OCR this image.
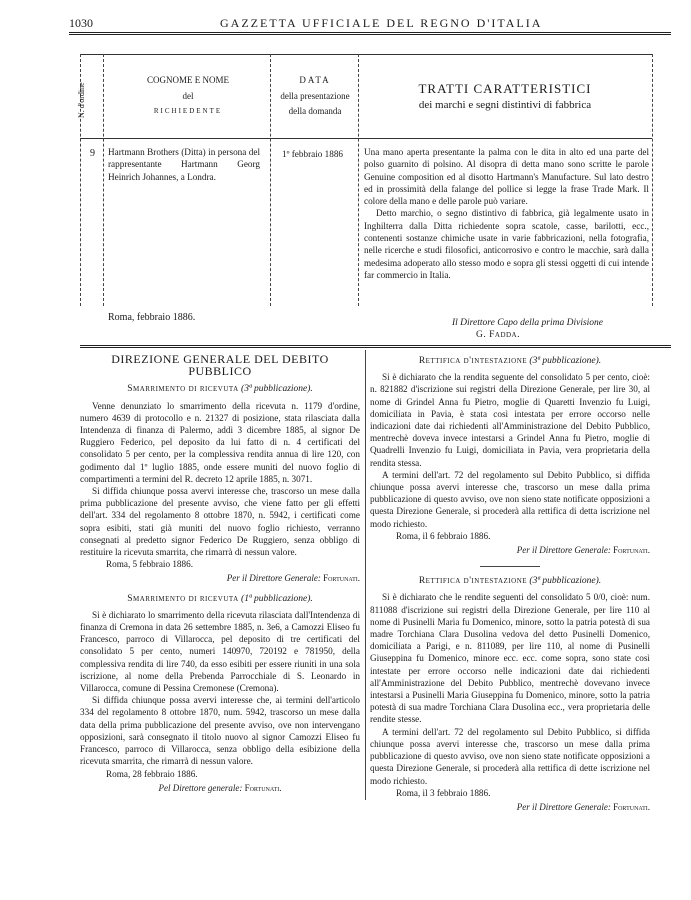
1030	GAZZETTA UFFICIALE DEL REGNO D'ITALIA
N. d'ordine
COGNOME E NOME
del
RICHIEDENTE
DATA
della presentazione
della domanda
TRATTI CARATTERISTICI
dei marchi e segni distintivi di fabbrica
9 Hartmann Brothers (Ditta) in persona del rappresentante Hartmann Georg Heinrich Johannes, a Londra.
1º febbraio 1886 Una mano aperta presentante la palma con le dita in alto ed una parte del polso guarnito di polsino. Al disopra di detta mano sono scritte le parole Genuine composition ed al disotto Hartmann's Manufacture. Sul lato destro ed in prossimità della falange del pollice si legge la frase Trade Mark. Il colore della mano e delle parole può variare.
Detto marchio, o segno distintivo di fabbrica, già legalmente usato in Inghilterra dalla Ditta richiedente sopra scatole, casse, barilotti, ecc., contenenti sostanze chimiche usate in varie fabbricazioni, nella fotografia, nelle ricerche e studi filosofici, anticorrosivo e contro le macchie, sarà dalla medesima adoperato allo stesso modo e sopra gli stessi oggetti di cui intende far commercio in Italia.
Roma, febbraio 1886.	Il Direttore Capo della prima Divisione
G. Fadda.
DIREZIONE GENERALE DEL DEBITO PUBBLICO
Smarrimento di ricevuta (3ª pubblicazione).

Venne denunziato lo smarrimento della ricevuta n. 1179 d'ordine, numero 4639 di protocollo e n. 21327 di posizione, stata rilasciata dalla Intendenza di finanza di Palermo, addì 3 dicembre 1885, al signor De Ruggiero Federico, pel deposito da lui fatto di n. 4 certificati del consolidato 5 per cento, per la complessiva rendita annua di lire 120, con godimento dal 1º luglio 1885, onde essere muniti del nuovo foglio di compartimenti a termini del R. decreto 12 aprile 1885, n. 3071.

Si diffida chiunque possa avervi interesse che, trascorso un mese dalla prima pubblicazione del presente avviso, che viene fatto per gli effetti dell'art. 334 del regolamento 8 ottobre 1870, n. 5942, i certificati come sopra esibiti, stati già muniti del nuovo foglio richiesto, verranno consegnati al predetto signor Federico De Ruggiero, senza obbligo di restituire la ricevuta smarrita, che rimarrà di nessun valore.

Roma, 5 febbraio 1886.

Per il Direttore Generale: Fortunati.
Smarrimento di ricevuta (1ª pubblicazione).

Si è dichiarato lo smarrimento della ricevuta rilasciata dall'Intendenza di finanza di Cremona in data 26 settembre 1885, n. 3e6, a Camozzi Eliseo fu Francesco, parroco di Villarocca, pel deposito di tre certificati del consolidato 5 per cento, numeri 140970, 720192 e 781950, della complessiva rendita di lire 740, da esso esibiti per essere riuniti in una sola iscrizione, al nome della Prebenda Parrocchiale di S. Leonardo in Villarocca, comune di Pessina Cremonese (Cremona).

Si diffida chiunque possa avervi interesse che, ai termini dell'articolo 334 del regolamento 8 ottobre 1870, num. 5942, trascorso un mese dalla data della prima pubblicazione del presente avviso, ove non intervengano opposizioni, sarà consegnato il titolo nuovo al signor Camozzi Eliseo fu Francesco, parroco di Villarocca, senza obbligo della esibizione della ricevuta smarrita, che rimarrà di nessun valore.

Roma, 28 febbraio 1886.

Pel Direttore generale: Fortunati.
Rettifica d'intestazione (3ª pubblicazione).

Si è dichiarato che la rendita seguente del consolidato 5 per cento, cioè: n. 821882 d'iscrizione sui registri della Direzione Generale, per lire 30, al nome di Grindel Anna fu Pietro, moglie di Quaretti Invenzio fu Luigi, domiciliata in Pavia, è stata così intestata per errore occorso nelle indicazioni date dai richiedenti all'Amministrazione del Debito Pubblico, mentrechè doveva invece intestarsi a Grindel Anna fu Pietro, moglie di Quadrelli Invenzio fu Luigi, domiciliata in Pavia, vera proprietaria della rendita stessa.

A termini dell'art. 72 del regolamento sul Debito Pubblico, si diffida chiunque possa avervi interesse che, trascorso un mese dalla prima pubblicazione di questo avviso, ove non sieno state notificate opposizioni a questa Direzione Generale, si procederà alla rettifica di detta iscrizione nel modo richiesto.

Roma, il 6 febbraio 1886.

Per il Direttore Generale: Fortunati.
Rettifica d'intestazione (3ª pubblicazione).

Si è dichiarato che le rendite seguenti del consolidato 5 0/0, cioè: num. 811088 d'iscrizione sui registri della Direzione Generale, per lire 110 al nome di Pusinelli Maria fu Domenico, minore, sotto la patria potestà di sua madre Torchiana Clara Dusolina vedova del detto Pusinelli Domenico, domiciliata a Parigi, e n. 811089, per lire 110, al nome di Pusinelli Giuseppina fu Domenico, minore ecc. ecc. come sopra, sono state così intestate per errore occorso nelle indicazioni date dai richiedenti all'Amministrazione del Debito Pubblico, mentrechè dovevano invece intestarsi a Pusinelli Maria Giuseppina fu Domenico, minore, sotto la patria potestà di sua madre Torchiana Clara Dusolina ecc., vera proprietaria delle rendite stesse.

A termini dell'art. 72 del regolamento sul Debito Pubblico, si diffida chiunque possa avervi interesse che, trascorso un mese dalla prima pubblicazione di questo avviso, ove non sieno state notificate opposizioni a questa Direzione Generale, si procederà alla rettifica di dette iscrizione nel modo richiesto.

Roma, il 3 febbraio 1886.

Per il Direttore Generale: Fortunati.
